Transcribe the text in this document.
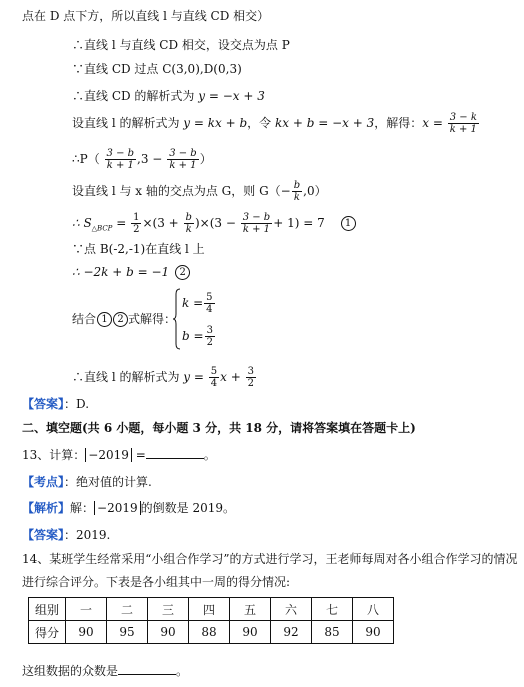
点在 D 点下方，所以直线 l 与直线 CD 相交）
∴直线 l 与直线 CD 相交，设交点为点 P
∵直线 CD 过点 C(3,0),D(0,3)
∴直线 CD 的解析式为 y = −x + 3
设直线 l 的解析式为 y = kx + b，令 kx + b = −x + 3，解得：$x = \frac{3 - k}{k + 1}$
∴P（ $\frac{3 - b}{k + 1} ,3 - \frac{3 - b}{k + 1}$ ）
设直线 l 与 x 轴的交点为点 G，则 $G(- \frac{b}{k} ,0)$
∴ $S_{\triangle BCP} = \frac{1}{2} \times(3 + \frac{b}{k} )\times(3 - \frac{3 - b}{k + 1} + 1) = 7$ 1
∵点 B(-2,-1)在直线 l 上
∴ −2k + b = −1 2
结合 1 2 式解得：
$k = \frac{5}{4}$
$b = \frac{3}{2}$
∴直线 l 的解析式为 $y = \frac{5}{4}$ $x + \frac{3}{2}$
【答案】：D.
二、填空题(共 6 小题，每小题 3 分，共 18 分，请将答案填在答题卡上)
13、计算： −2019 =	。
【考点】：绝对值的计算.
【解析】解： −2019 的倒数是 2019。
【答案】：2019.
14、某班学生经常采用“小组合作学习”的方式进行学习，王老师每周对各小组合作学习的情况
进行综合评分。下表是各小组其中一周的得分情况:
组别	一	二	三	四	五	六	七	八
得分	90	95	90	88	90	92	85	90
这组数据的众数是	。
